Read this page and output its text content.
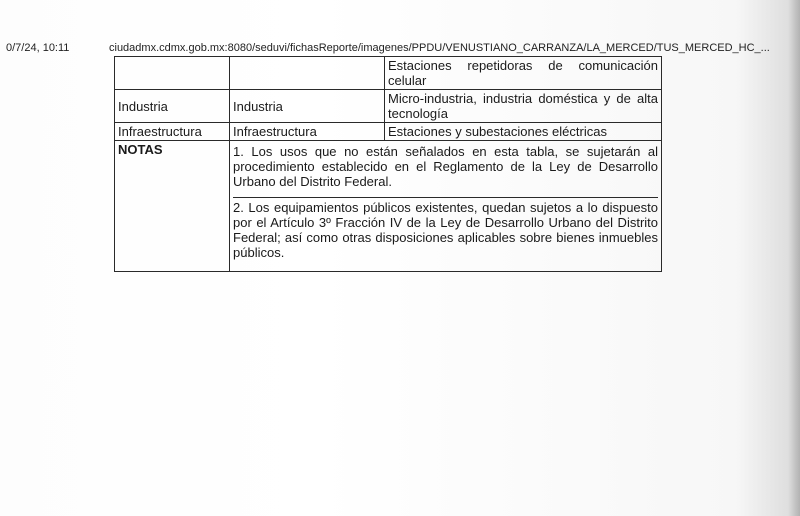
0/7/24, 10:11	ciudadmx.cdmx.gob.mx:8080/seduvi/fichasReporte/imagenes/PPDU/VENUSTIANO_CARRANZA/LA_MERCED/TUS_MERCED_HC_...
		Estaciones repetidoras de comunicación celular
Industria	Industria	Micro-industria, industria doméstica y de alta tecnología
Infraestructura	Infraestructura	Estaciones y subestaciones eléctricas
NOTAS	1. Los usos que no están señalados en esta tabla, se sujetarán al procedimiento establecido en el Reglamento de la Ley de Desarrollo Urbano del Distrito Federal.
2. Los equipamientos públicos existentes, quedan sujetos a lo dispuesto por el Artículo 3º Fracción IV de la Ley de Desarrollo Urbano del Distrito Federal; así como otras disposiciones aplicables sobre bienes inmuebles públicos.	
